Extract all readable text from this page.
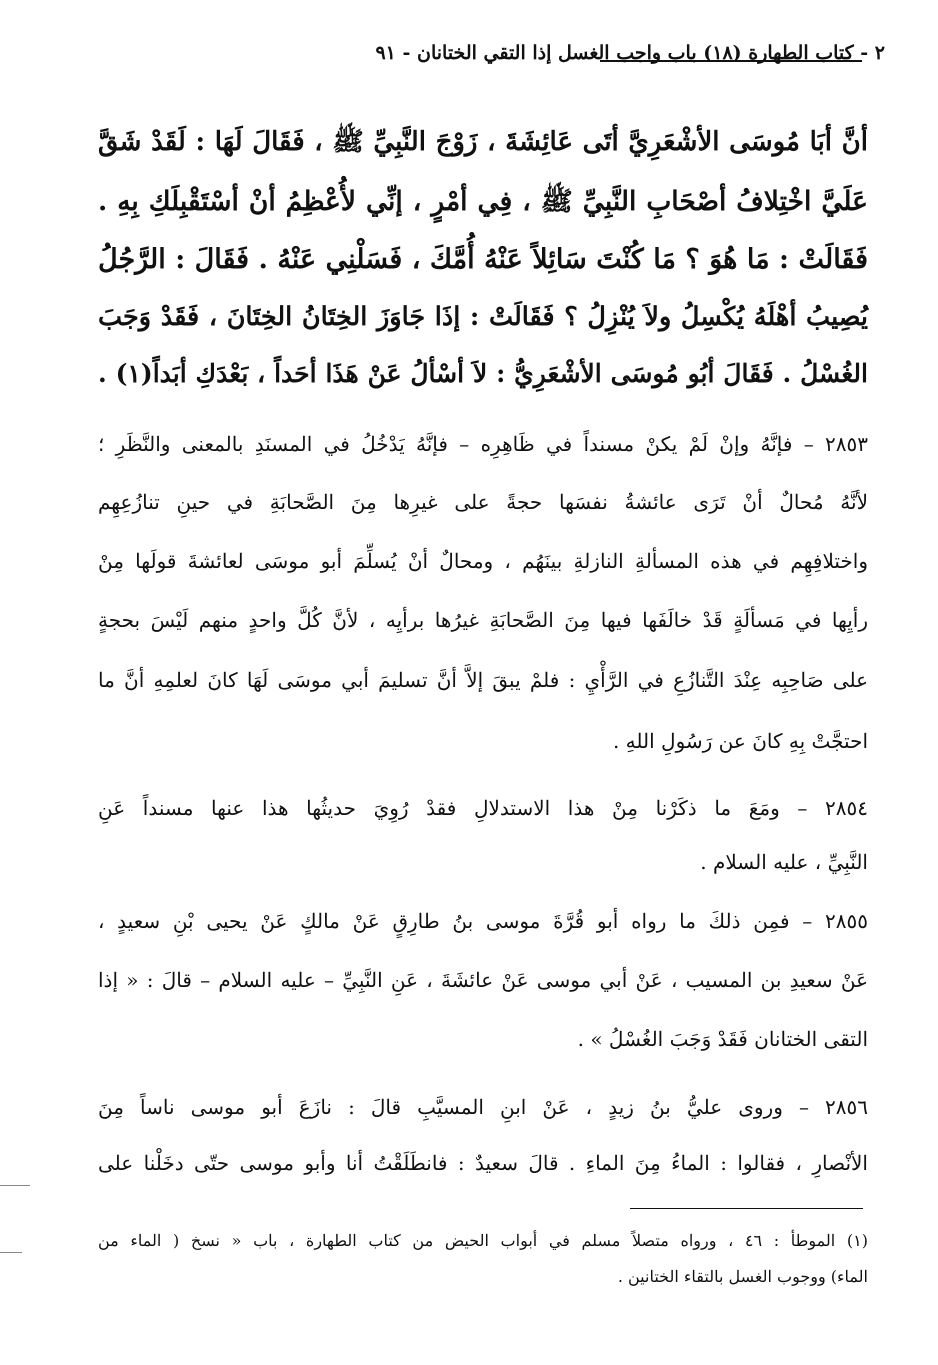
٢ - كتاب الطهارة (١٨) باب واجب الغسل إذا التقي الختانان - ٩١
أنَّ أبَا مُوسَى الأشْعَرِيَّ أتَى عَائِشَةَ ، زَوْجَ النَّبِيِّ ﷺ ، فَقَالَ لَهَا : لَقَدْ شَقَّ
عَلَيَّ اخْتِلافُ أصْحَابِ النَّبِيِّ ﷺ ، فِي أمْرٍ ، إنِّي لأُعْظِمُ أنْ أسْتَقْبِلَكِ بِهِ .
فَقَالَتْ : مَا هُوَ ؟ مَا كُنْتَ سَائِلاً عَنْهُ أُمَّكَ ، فَسَلْنِي عَنْهُ . فَقَالَ : الرَّجُلُ
يُصِيبُ أهْلَهُ يُكْسِلُ ولاَ يُنْزِلُ ؟ فَقَالَتْ : إذَا جَاوَزَ الخِتَانُ الخِتَانَ ، فَقَدْ وَجَبَ
الغُسْلُ . فَقَالَ أبُو مُوسَى الأشْعَرِيُّ : لاَ أسْألُ عَنْ هَذَا أحَداً ، بَعْدَكِ أبَداً(١) .
٢٨٥٣ – فإنَّهُ وإنْ لَمْ يكنْ مسنداً في ظَاهِرِه – فإنَّهُ يَدْخُلُ في المسنَدِ بالمعنى والنَّظَرِ ؛
لأنَّهُ مُحالٌ أنْ تَرَى عائشةُ نفسَها حجةً على غيرِها مِنَ الصَّحابَةِ في حينِ تنازُعِهِم
واختلافِهِم في هذه المسألةِ النازلةِ بينَهُم ، ومحالٌ أنْ يُسلِّمَ أبو موسَى لعائشةَ قولَها مِنْ
رأيِها في مَسألَةٍ قَدْ خالَفَها فيها مِنَ الصَّحابَةِ غيرُها برأيِه ، لأنَّ كُلَّ واحدٍ منهم لَيْسَ بحجةٍ
على صَاحِبِه عِنْدَ التَّنازُعِ في الرَّأْيِ : فلمْ يبقَ إلاَّ أنَّ تسليمَ أبي موسَى لَهَا كانَ لعلمِهِ أنَّ ما
احتجَّتْ بِهِ كانَ عن رَسُولِ اللهِ .
٢٨٥٤ – ومَعَ ما ذكَرْنا مِنْ هذا الاستدلالِ فقدْ رُوِيَ حديثُها هذا عنها مسنداً عَنِ
النَّبِيِّ ، عليه السلام .
٢٨٥٥ – فمِن ذلكَ ما رواه أبو قُرَّةَ موسى بنُ طارِقٍ عَنْ مالكٍ عَنْ يحيى بْنِ سعيدٍ ،
عَنْ سعيدِ بن المسيب ، عَنْ أبي موسى عَنْ عائشَةَ ، عَنِ النَّبِيِّ – عليه السلام – قالَ : « إذا
التقى الختانان فَقَدْ وَجَبَ الغُسْلُ » .
٢٨٥٦ – وروى عليُّ بنُ زيدٍ ، عَنْ ابنِ المسيَّبِ قالَ : نازَعَ أبو موسى ناساً مِنَ
الأنْصارِ ، فقالوا : الماءُ مِنَ الماءِ . قالَ سعيدٌ : فانطَلَقْتُ أنا وأبو موسى حتّى دخَلْنا على
(١) الموطأ : ٤٦ ، ورواه متصلاً مسلم في أبواب الحيض من كتاب الطهارة ، باب « نسخ ( الماء من
الماء) ووجوب الغسل بالتقاء الختانين .
